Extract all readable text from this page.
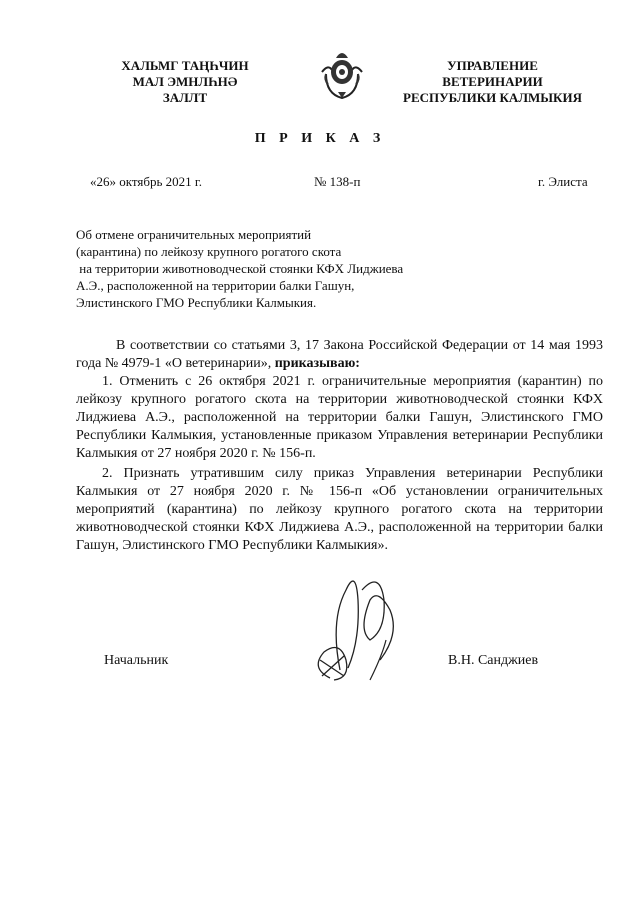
ХАЛЬМГ ТАҢҺЧИН
МАЛ ЭМНЛҺНӘ
ЗАЛЛТ
УПРАВЛЕНИЕ
ВЕТЕРИНАРИИ
РЕСПУБЛИКИ КАЛМЫКИЯ
П Р И К А З
«26» октябрь 2021 г.	№ 138-п	г. Элиста
Об отмене ограничительных мероприятий
(карантина) по лейкозу крупного рогатого скота
на территории животноводческой стоянки КФХ Лиджиева
А.Э., расположенной на территории балки Гашун,
Элистинского ГМО Республики Калмыкия.

В соответствии со статьями 3, 17 Закона Российской Федерации от 14 мая 1993 года № 4979-1 «О ветеринарии», приказываю:

1. Отменить с 26 октября 2021 г. ограничительные мероприятия (карантин) по лейкозу крупного рогатого скота на территории животноводческой стоянки КФХ Лиджиева А.Э., расположенной на территории балки Гашун, Элистинского ГМО Республики Калмыкия, установленные приказом Управления ветеринарии Республики Калмыкия от 27 ноября 2020 г. № 156-п.

2. Признать утратившим силу приказ Управления ветеринарии Республики Калмыкия от 27 ноября 2020 г. № 156-п «Об установлении ограничительных мероприятий (карантина) по лейкозу крупного рогатого скота на территории животноводческой стоянки КФХ Лиджиева А.Э., расположенной на территории балки Гашун, Элистинского ГМО Республики Калмыкия».

Начальник	В.Н. Санджиев
